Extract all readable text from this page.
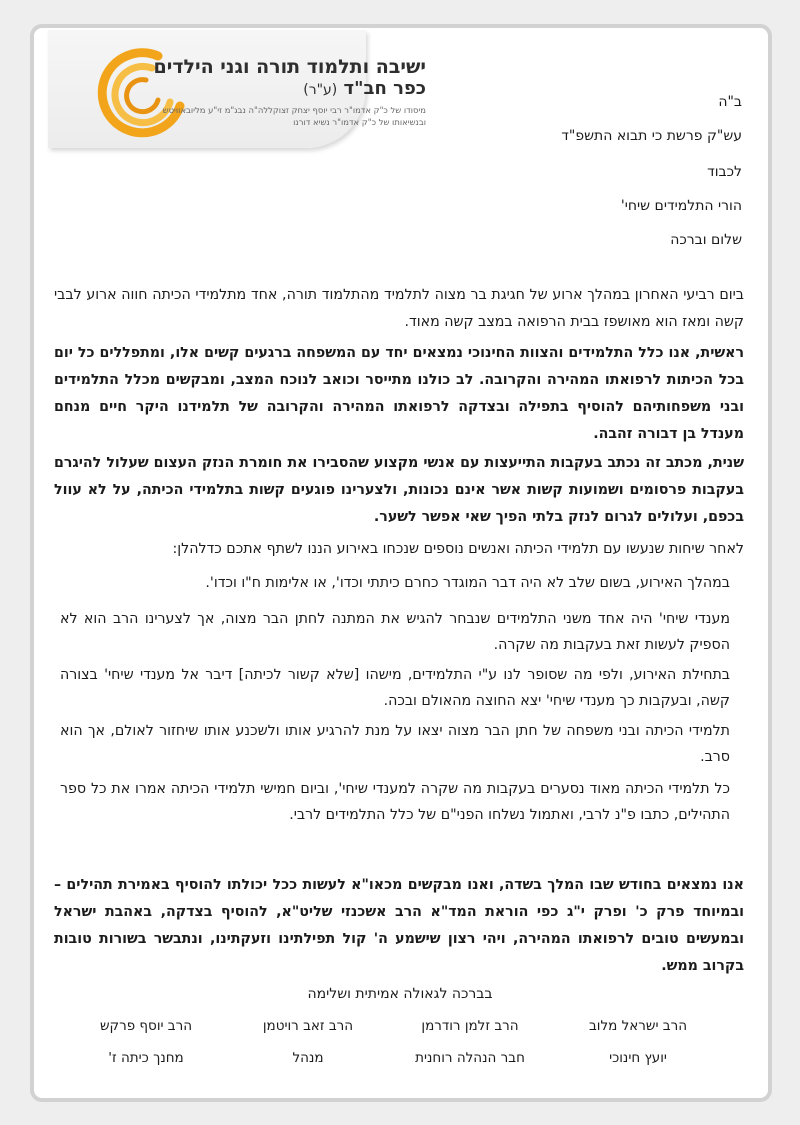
ישיבה ותלמוד תורה וגני הילדים
כפר חב"ד (ע"ר)
מיסודו של כ"ק אדמו"ר רבי יוסף יצחק זצוקללה"ה נבג"מ זי"ע מליובאוויטש
ובנשיאותו של כ"ק אדמו"ר נשיא דורנו
ב"ה
עש"ק פרשת כי תבוא התשפ"ד
לכבוד
הורי התלמידים שיחי'
שלום וברכה
ביום רביעי האחרון במהלך ארוע של חגיגת בר מצוה לתלמיד מהתלמוד תורה, אחד מתלמידי הכיתה חווה ארוע לבבי קשה ומאז הוא מאושפז בבית הרפואה במצב קשה מאוד.
ראשית, אנו כלל התלמידים והצוות החינוכי נמצאים יחד עם המשפחה ברגעים קשים אלו, ומתפללים כל יום בכל הכיתות לרפואתו המהירה והקרובה. לב כולנו מתייסר וכואב לנוכח המצב, ומבקשים מכלל התלמידים ובני משפחותיהם להוסיף בתפילה ובצדקה לרפואתו המהירה והקרובה של תלמידנו היקר חיים מנחם מענדל בן דבורה זהבה.
שנית, מכתב זה נכתב בעקבות התייעצות עם אנשי מקצוע שהסבירו את חומרת הנזק העצום שעלול להיגרם בעקבות פרסומים ושמועות קשות אשר אינם נכונות, ולצערינו פוגעים קשות בתלמידי הכיתה, על לא עוול בכפם, ועלולים לגרום לנזק בלתי הפיך שאי אפשר לשער.
לאחר שיחות שנעשו עם תלמידי הכיתה ואנשים נוספים שנכחו באירוע הננו לשתף אתכם כדלהלן:
במהלך האירוע, בשום שלב לא היה דבר המוגדר כחרם כיתתי וכדו', או אלימות ח"ו וכדו'.
מענדי שיחי' היה אחד משני התלמידים שנבחר להגיש את המתנה לחתן הבר מצוה, אך לצערינו הרב הוא לא הספיק לעשות זאת בעקבות מה שקרה.
בתחילת האירוע, ולפי מה שסופר לנו ע"י התלמידים, מישהו [שלא קשור לכיתה] דיבר אל מענדי שיחי' בצורה קשה, ובעקבות כך מענדי שיחי' יצא החוצה מהאולם ובכה.
תלמידי הכיתה ובני משפחה של חתן הבר מצוה יצאו על מנת להרגיע אותו ולשכנע אותו שיחזור לאולם, אך הוא סרב.
כל תלמידי הכיתה מאוד נסערים בעקבות מה שקרה למענדי שיחי', וביום חמישי תלמידי הכיתה אמרו את כל ספר התהילים, כתבו פ"נ לרבי, ואתמול נשלחו הפני"ם של כלל התלמידים לרבי.
אנו נמצאים בחודש שבו המלך בשדה, ואנו מבקשים מכאו"א לעשות ככל יכולתו להוסיף באמירת תהילים – ובמיוחד פרק כ' ופרק י"ג כפי הוראת המד"א הרב אשכנזי שליט"א, להוסיף בצדקה, באהבת ישראל ובמעשים טובים לרפואתו המהירה, ויהי רצון שישמע ה' קול תפילתינו וזעקתינו, ונתבשר בשורות טובות בקרוב ממש.
בברכה לגאולה אמיתית ושלימה
הרב ישראל מלוב
יועץ חינוכי
הרב זלמן רודרמן
חבר הנהלה רוחנית
הרב זאב רויטמן
מנהל
הרב יוסף פרקש
מחנך כיתה ז'
